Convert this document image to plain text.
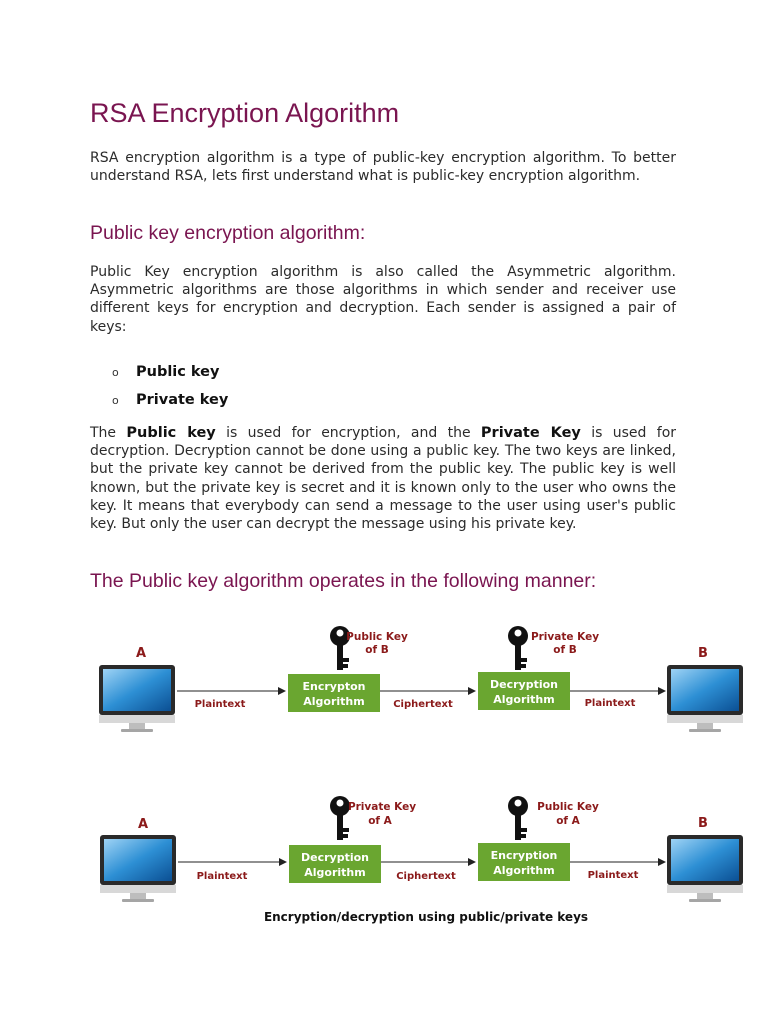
RSA Encryption Algorithm

RSA encryption algorithm is a type of public-key encryption algorithm. To better understand RSA, lets first understand what is public-key encryption algorithm.

Public key encryption algorithm:

Public Key encryption algorithm is also called the Asymmetric algorithm. Asymmetric algorithms are those algorithms in which sender and receiver use different keys for encryption and decryption. Each sender is assigned a pair of keys:

o	Public key
o	Private key

The Public key is used for encryption, and the Private Key is used for decryption. Decryption cannot be done using a public key. The two keys are linked, but the private key cannot be derived from the public key. The public key is well known, but the private key is secret and it is known only to the user who owns the key. It means that everybody can send a message to the user using user's public key. But only the user can decrypt the message using his private key.

The Public key algorithm operates in the following manner:
A
Plaintext
Public Key
of B
Encrypton
Algorithm	Ciphertext
Private Key
of B
Decryption
Algorithm	Plaintext
B
A
Plaintext
Private Key
of A
Decryption
Algorithm	Ciphertext
Public Key
of A
Encryption
Algorithm	Plaintext
B
Encryption/decryption using public/private keys
